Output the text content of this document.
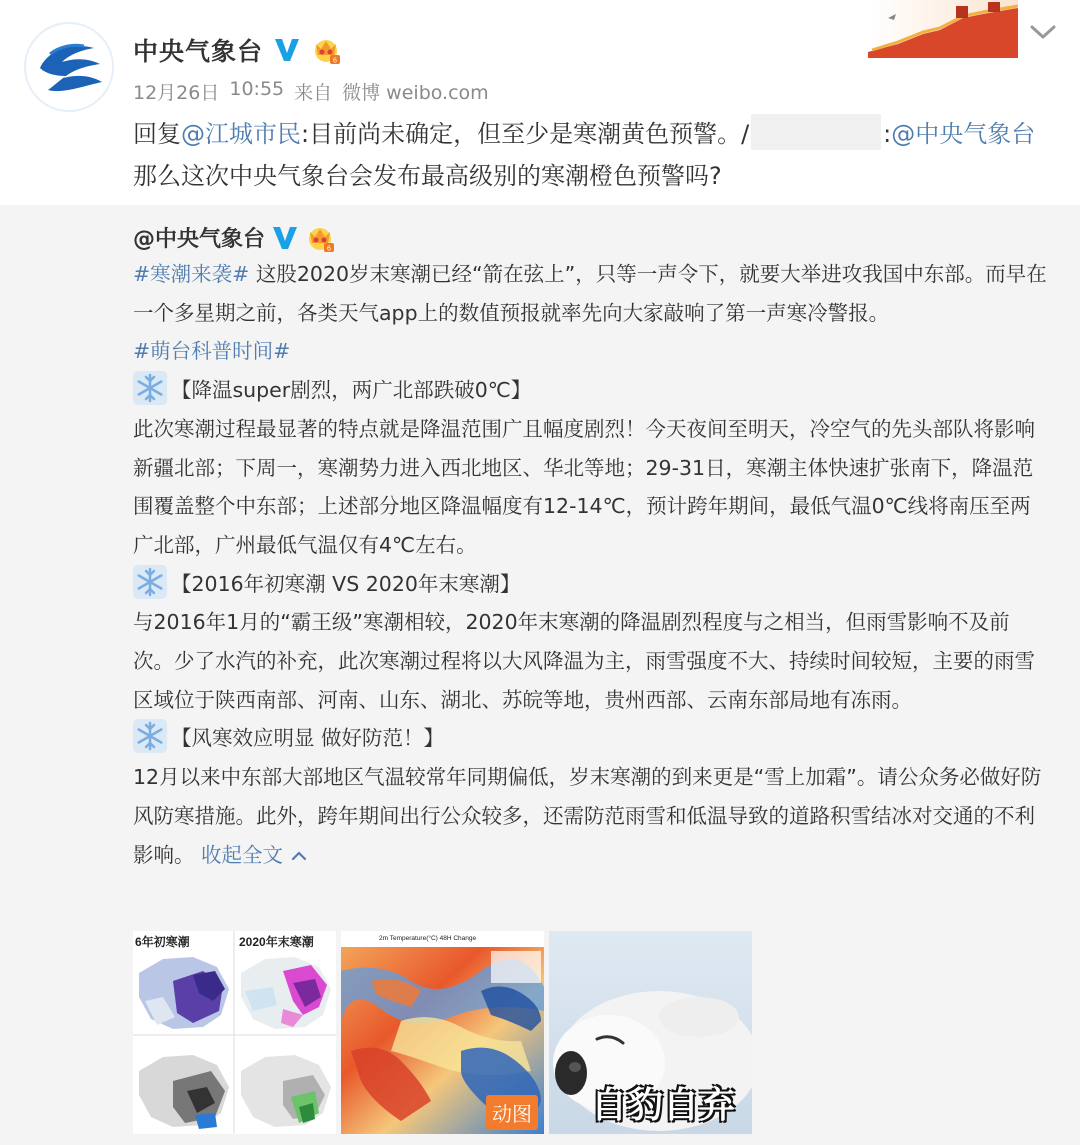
中央气象台	6
12月26日 10:55 来自 微博 weibo.com
回复@江城市民:目前尚未确定，但至少是寒潮黄色预警。/	:@中央气象台 那么这次中央气象台会发布最高级别的寒潮橙色预警吗?
@中央气象台	6

#寒潮来袭# 这股2020岁末寒潮已经“箭在弦上”，只等一声令下，就要大举进攻我国中东部。而早在一个多星期之前，各类天气app上的数值预报就率先向大家敲响了第一声寒冷警报。

#萌台科普时间#

【降温super剧烈，两广北部跌破0℃】

此次寒潮过程最显著的特点就是降温范围广且幅度剧烈！今天夜间至明天，冷空气的先头部队将影响新疆北部；下周一，寒潮势力进入西北地区、华北等地；29-31日，寒潮主体快速扩张南下，降温范围覆盖整个中东部；上述部分地区降温幅度有12-14℃，预计跨年期间，最低气温0℃线将南压至两广北部，广州最低气温仅有4℃左右。

【2016年初寒潮 VS 2020年末寒潮】

与2016年1月的“霸王级”寒潮相较，2020年末寒潮的降温剧烈程度与之相当，但雨雪影响不及前次。少了水汽的补充，此次寒潮过程将以大风降温为主，雨雪强度不大、持续时间较短，主要的雨雪区域位于陕西南部、河南、山东、湖北、苏皖等地，贵州西部、云南东部局地有冻雨。

【风寒效应明显 做好防范！】

12月以来中东部大部地区气温较常年同期偏低，岁末寒潮的到来更是“雪上加霜”。请公众务必做好防风防寒措施。此外，跨年期间出行公众较多，还需防范雨雪和低温导致的道路积雪结冰对交通的不利影响。 收起全文

6年初寒潮	2020年末寒潮	2m Temperature(°C) 48H Change
动图 自豹自弃
